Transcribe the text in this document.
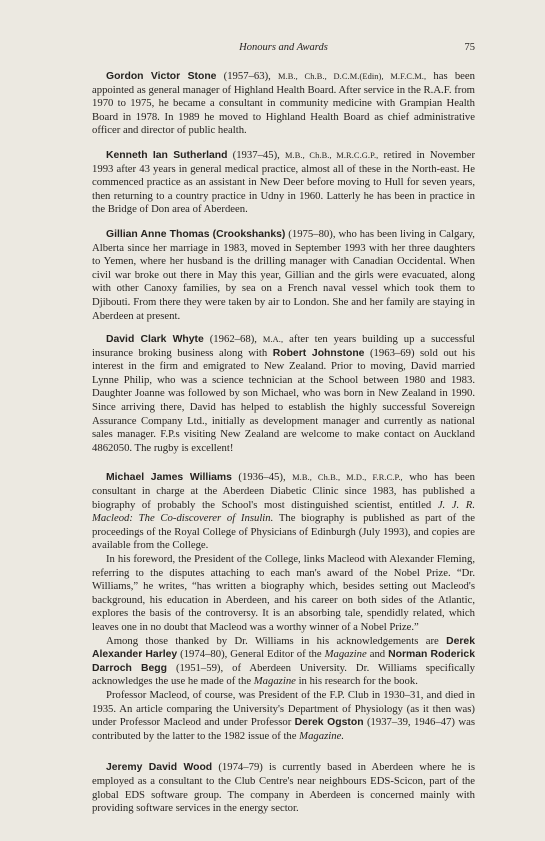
Honours and Awards	75

Gordon Victor Stone (1957–63), M.B., Ch.B., D.C.M.(Edin), M.F.C.M., has been appointed as general manager of Highland Health Board. After service in the R.A.F. from 1970 to 1975, he became a consultant in community medicine with Grampian Health Board in 1978. In 1989 he moved to Highland Health Board as chief administrative officer and director of public health.

Kenneth Ian Sutherland (1937–45), M.B., Ch.B., M.R.C.G.P., retired in November 1993 after 43 years in general medical practice, almost all of these in the North-east. He commenced practice as an assistant in New Deer before moving to Hull for seven years, then returning to a country practice in Udny in 1960. Latterly he has been in practice in the Bridge of Don area of Aberdeen.

Gillian Anne Thomas (Crookshanks) (1975–80), who has been living in Calgary, Alberta since her marriage in 1983, moved in September 1993 with her three daughters to Yemen, where her husband is the drilling manager with Canadian Occidental. When civil war broke out there in May this year, Gillian and the girls were evacuated, along with other Canoxy families, by sea on a French naval vessel which took them to Djibouti. From there they were taken by air to London. She and her family are staying in Aberdeen at present.

David Clark Whyte (1962–68), M.A., after ten years building up a successful insurance broking business along with Robert Johnstone (1963–69) sold out his interest in the firm and emigrated to New Zealand. Prior to moving, David married Lynne Philip, who was a science technician at the School between 1980 and 1983. Daughter Joanne was followed by son Michael, who was born in New Zealand in 1990. Since arriving there, David has helped to establish the highly successful Sovereign Assurance Company Ltd., initially as development manager and currently as national sales manager. F.P.s visiting New Zealand are welcome to make contact on Auckland 4862050. The rugby is excellent!

Michael James Williams (1936–45), M.B., Ch.B., M.D., F.R.C.P., who has been consultant in charge at the Aberdeen Diabetic Clinic since 1983, has published a biography of probably the School's most distinguished scientist, entitled J. J. R. Macleod: The Co-discoverer of Insulin. The biography is published as part of the proceedings of the Royal College of Physicians of Edinburgh (July 1993), and copies are available from the College.

In his foreword, the President of the College, links Macleod with Alexander Fleming, referring to the disputes attaching to each man's award of the Nobel Prize. “Dr. Williams,” he writes, “has written a biography which, besides setting out Macleod's background, his education in Aberdeen, and his career on both sides of the Atlantic, explores the basis of the controversy. It is an absorbing tale, spendidly related, which leaves one in no doubt that Macleod was a worthy winner of a Nobel Prize.”

Among those thanked by Dr. Williams in his acknowledgements are Derek Alexander Harley (1974–80), General Editor of the Magazine and Norman Roderick Darroch Begg (1951–59), of Aberdeen University. Dr. Williams specifically acknowledges the use he made of the Magazine in his research for the book.

Professor Macleod, of course, was President of the F.P. Club in 1930–31, and died in 1935. An article comparing the University's Department of Physiology (as it then was) under Professor Macleod and under Professor Derek Ogston (1937–39, 1946–47) was contributed by the latter to the 1982 issue of the Magazine.

Jeremy David Wood (1974–79) is currently based in Aberdeen where he is employed as a consultant to the Club Centre's near neighbours EDS-Scicon, part of the global EDS software group. The company in Aberdeen is concerned mainly with providing software services in the energy sector.
